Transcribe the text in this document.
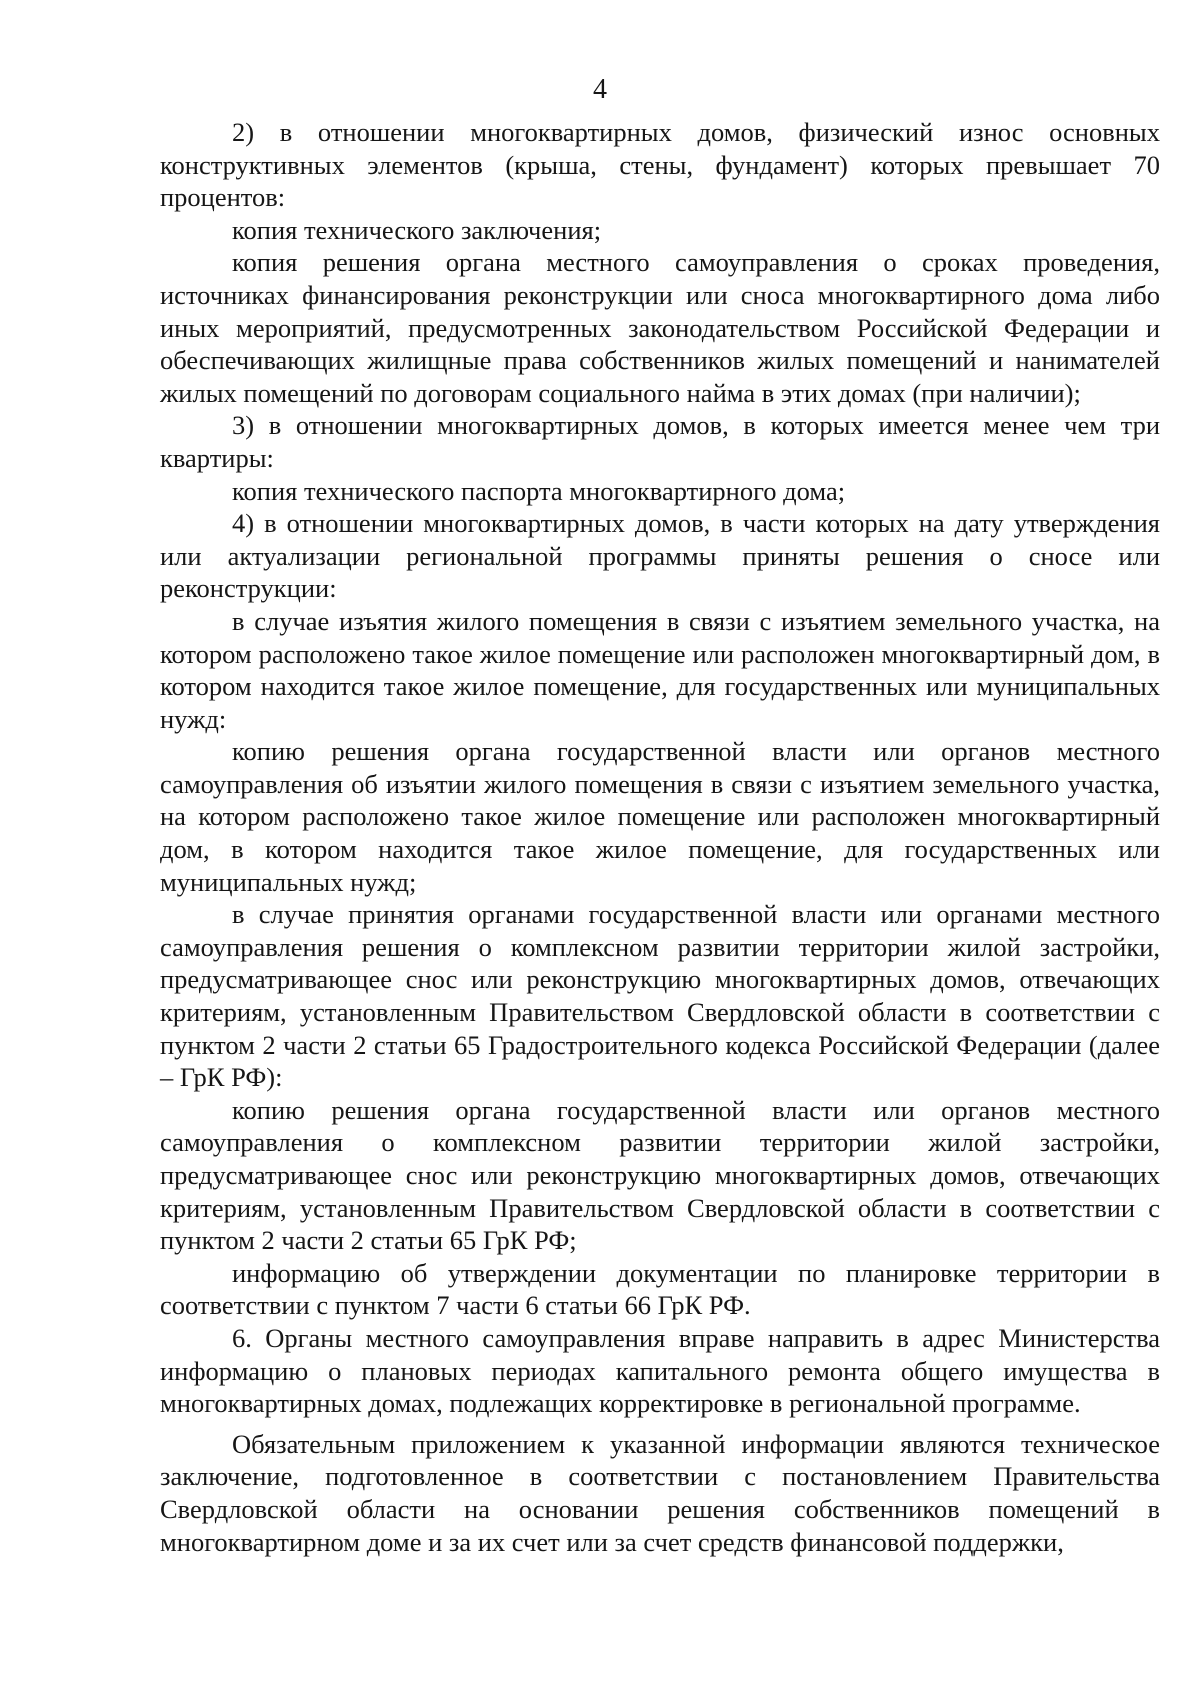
4

2) в отношении многоквартирных домов, физический износ основных конструктивных элементов (крыша, стены, фундамент) которых превышает 70 процентов:

копия технического заключения;

копия решения органа местного самоуправления о сроках проведения, источниках финансирования реконструкции или сноса многоквартирного дома либо иных мероприятий, предусмотренных законодательством Российской Федерации и обеспечивающих жилищные права собственников жилых помещений и нанимателей жилых помещений по договорам социального найма в этих домах (при наличии);

3) в отношении многоквартирных домов, в которых имеется менее чем три квартиры:

копия технического паспорта многоквартирного дома;

4) в отношении многоквартирных домов, в части которых на дату утверждения или актуализации региональной программы приняты решения о сносе или реконструкции:

в случае изъятия жилого помещения в связи с изъятием земельного участка, на котором расположено такое жилое помещение или расположен многоквартирный дом, в котором находится такое жилое помещение, для государственных или муниципальных нужд:

копию решения органа государственной власти или органов местного самоуправления об изъятии жилого помещения в связи с изъятием земельного участка, на котором расположено такое жилое помещение или расположен многоквартирный дом, в котором находится такое жилое помещение, для государственных или муниципальных нужд;

в случае принятия органами государственной власти или органами местного самоуправления решения о комплексном развитии территории жилой застройки, предусматривающее снос или реконструкцию многоквартирных домов, отвечающих критериям, установленным Правительством Свердловской области в соответствии с пунктом 2 части 2 статьи 65 Градостроительного кодекса Российской Федерации (далее – ГрК РФ):

копию решения органа государственной власти или органов местного самоуправления о комплексном развитии территории жилой застройки, предусматривающее снос или реконструкцию многоквартирных домов, отвечающих критериям, установленным Правительством Свердловской области в соответствии с пунктом 2 части 2 статьи 65 ГрК РФ;

информацию об утверждении документации по планировке территории в соответствии с пунктом 7 части 6 статьи 66 ГрК РФ.

6. Органы местного самоуправления вправе направить в адрес Министерства информацию о плановых периодах капитального ремонта общего имущества в многоквартирных домах, подлежащих корректировке в региональной программе.

Обязательным приложением к указанной информации являются техническое заключение, подготовленное в соответствии с постановлением Правительства Свердловской области на основании решения собственников помещений в многоквартирном доме и за их счет или за счет средств финансовой поддержки,
